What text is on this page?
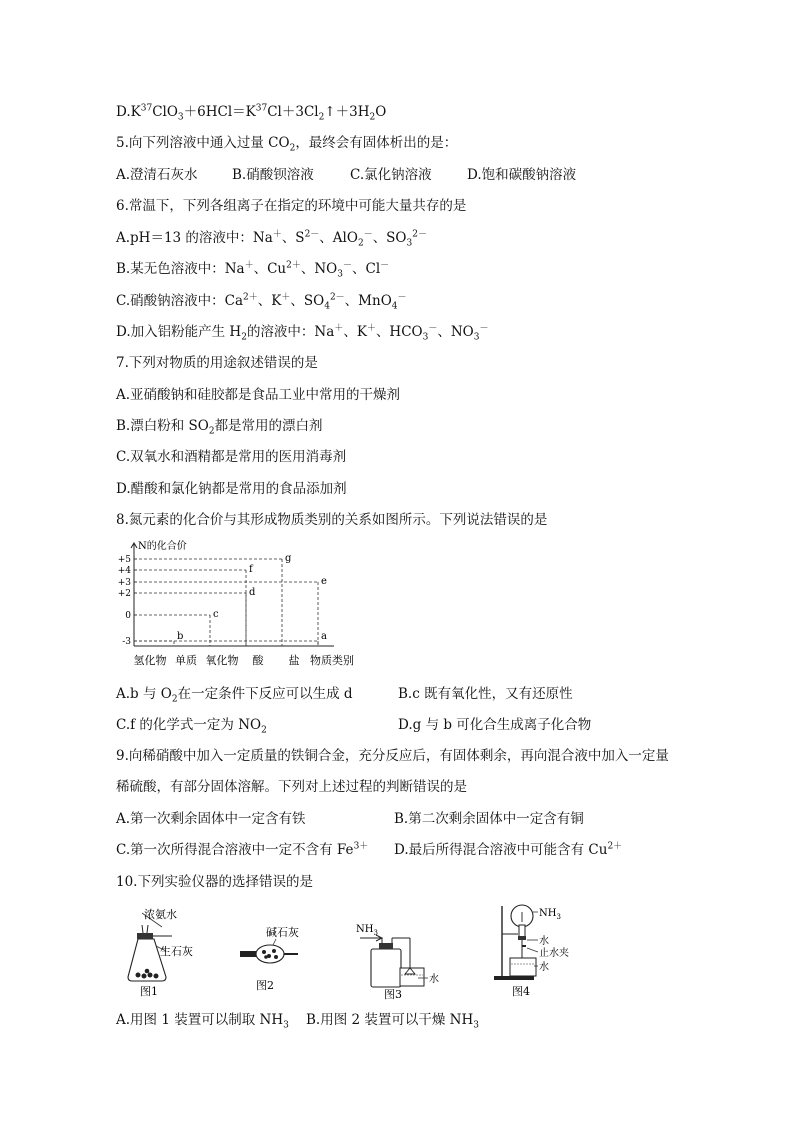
$D.K^{37}ClO_3+6HCl=K^{37}Cl+3Cl_2↑+3H_2O$
5.向下列溶液中通入过量 $CO_2$，最终会有固体析出的是：
A.澄清石灰水	B.硝酸钡溶液	C.氯化钠溶液	D.饱和碳酸钠溶液
6.常温下，下列各组离子在指定的环境中可能大量共存的是
A.pH＝13 的溶液中：Na＋、$S^{2-}$、AlO$_2$－、$SO_3^{2-}$
B.某无色溶液中：Na＋、$Cu^{2+}$、$NO_3^-$、Cl－
C.硝酸钠溶液中：$Ca^{2+}$、K＋、$SO_4^{2-}$、MnO$_4$－
D.加入铝粉能产生 $H_2$的溶液中：Na＋、K＋、$HCO_3^-$、$NO_3^-$
7.下列对物质的用途叙述错误的是
A.亚硝酸钠和硅胶都是食品工业中常用的干燥剂
B.漂白粉和 $SO_2$都是常用的漂白剂
C.双氧水和酒精都是常用的医用消毒剂
D.醋酸和氯化钠都是常用的食品添加剂
8.氮元素的化合价与其形成物质类别的关系如图所示。下列说法错误的是
N的化合价
+5
+4
+3
+2
0
-3
氢化物 单质 氧化物 酸 盐 物质类别
b
c
d
f
g
e
a
A.b 与 $O_2$在一定条件下反应可以生成 d	B.c 既有氧化性，又有还原性
C.f 的化学式一定为 $NO_2$	D.g 与 b 可化合生成离子化合物
9.向稀硝酸中加入一定质量的铁铜合金，充分反应后，有固体剩余，再向混合液中加入一定量
稀硫酸，有部分固体溶解。下列对上述过程的判断错误的是
A.第一次剩余固体中一定含有铁	B.第二次剩余固体中一定含有铜
C.第一次所得混合溶液中一定不含有 $Fe^{3+}$ D.最后所得混合溶液中可能含有 $Cu^{2+}$
10.下列实验仪器的选择错误的是
浓氨水
生石灰
图1
碱石灰
图2
$NH_3$
水
图3
$NH_3$
水
止水夹
水
图4
A.用图 1 装置可以制取 $NH_3$ B.用图 2 装置可以干燥 $NH_3$
